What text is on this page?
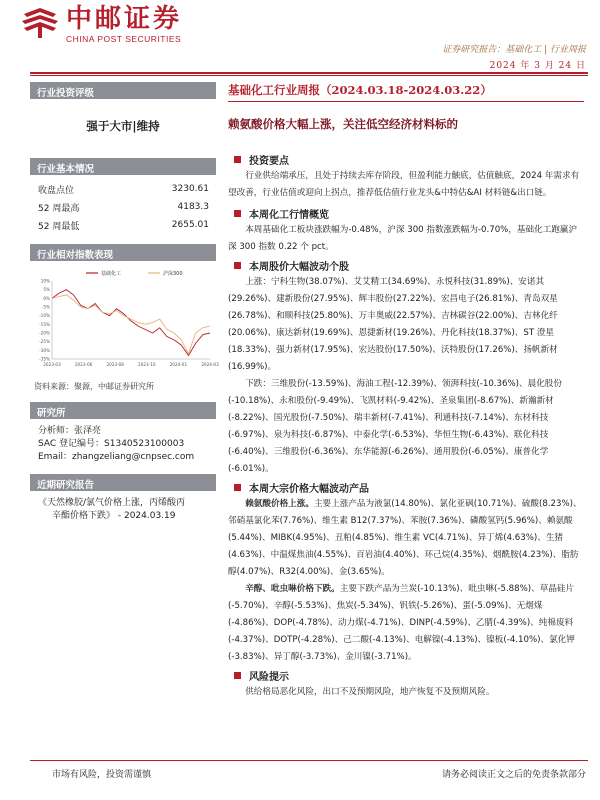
中邮证券
CHINA POST SECURITIES
证券研究报告：基础化工 | 行业周报
2024 年 3 月 24 日
行业投资评级
强于大市|维持
行业基本情况
收盘点位	3230.61
52 周最高	4183.3
52 周最低	2655.01
行业相对指数表现
10%
5%
0%
-5%
-10%
-15%
-20%
-25%
-30%
-35%
2023-03	2023-06	2023-08	2023-10	2024-01	2024-03
基础化工	沪深300
资料来源：聚源，中邮证券研究所
研究所
分析师：张泽亮
SAC 登记编号：S1340523100003
Email：zhangzeliang@cnpsec.com
近期研究报告
《天然橡胶/氯气价格上涨，丙烯酸丙
辛酯价格下跌》 - 2024.03.19
基础化工行业周报（2024.03.18-2024.03.22）
赖氨酸价格大幅上涨，关注低空经济材料标的
投资要点
行业供给端承压，且处于持续去库存阶段，但盈利能力触底，估值触底，2024 年需求有望改善，行业估值或迎向上拐点，推荐低估值行业龙头&中特估&AI 材料链&出口链。
本周化工行情概览
本周基础化工板块涨跌幅为-0.48%，沪深 300 指数涨跌幅为-0.70%，基础化工跑赢沪深 300 指数 0.22 个 pct。
本周股价大幅波动个股
上涨：宁科生物(38.07%)、艾艾精工(34.69%)、永悦科技(31.89%)、安诺其(29.26%)、建新股份(27.95%)、辉丰股份(27.22%)、宏昌电子(26.81%)、青岛双星(26.78%)、和顺科技(25.80%)、万丰奥威(22.57%)、吉林碳谷(22.00%)、吉林化纤(20.06%)、康达新材(19.69%)、恩捷新材(19.26%)、丹化科技(18.37%)、ST 澄星(18.33%)、强力新材(17.95%)、宏达股份(17.50%)、沃特股份(17.26%)、扬帆新材(16.99%)。
下跌：三维股份(-13.59%)、海油工程(-12.39%)、领湃科技(-10.36%)、晨化股份(-10.18%)、永和股份(-9.49%)、飞凯材料(-9.42%)、圣泉集团(-8.67%)、新瀚新材(-8.22%)、国光股份(-7.50%)、瑞丰新材(-7.41%)、利通科技(-7.14%)、东材科技(-6.97%)、泉为科技(-6.87%)、中泰化学(-6.53%)、华恒生物(-6.43%)、联化科技(-6.40%)、三维股份(-6.36%)、东华能源(-6.26%)、通用股份(-6.05%)、康普化学(-6.01%)。
本周大宗价格大幅波动产品
赖氨酸价格上涨。主要上涨产品为液氯(14.80%)、氯化亚砜(10.71%)、硫酸(8.23%)、邻硝基氯化苯(7.76%)、维生素 B12(7.37%)、苯胺(7.36%)、磷酸氢钙(5.96%)、赖氨酸(5.44%)、MIBK(4.95%)、丑粕(4.85%)、维生素 VC(4.71%)、异丁烯(4.63%)、生猪(4.63%)、中温煤焦油(4.55%)、百岩油(4.40%)、环己烷(4.35%)、烟酰胺(4.23%)、脂肪醇(4.07%)、R32(4.00%)、金(3.65%)。
辛醇、吡虫啉价格下跌。主要下跌产品为兰炭(-10.13%)、吡虫啉(-5.88%)、草晶硅片(-5.70%)、辛醇(-5.53%)、焦炭(-5.34%)、钒铁(-5.26%)、蛋(-5.09%)、无烟煤(-4.86%)、DOP(-4.78%)、动力煤(-4.71%)、DINP(-4.59%)、乙腈(-4.39%)、纯棉废料(-4.37%)、DOTP(-4.28%)、己二酸(-4.13%)、电解镍(-4.13%)、镍板(-4.10%)、氯化钾(-3.83%)、异丁醇(-3.73%)、金川镍(-3.71%)。
风险提示
供给格局恶化风险，出口不及预期风险，地产恢复不及预期风险。
市场有风险，投资需谨慎	请务必阅读正文之后的免责条款部分
